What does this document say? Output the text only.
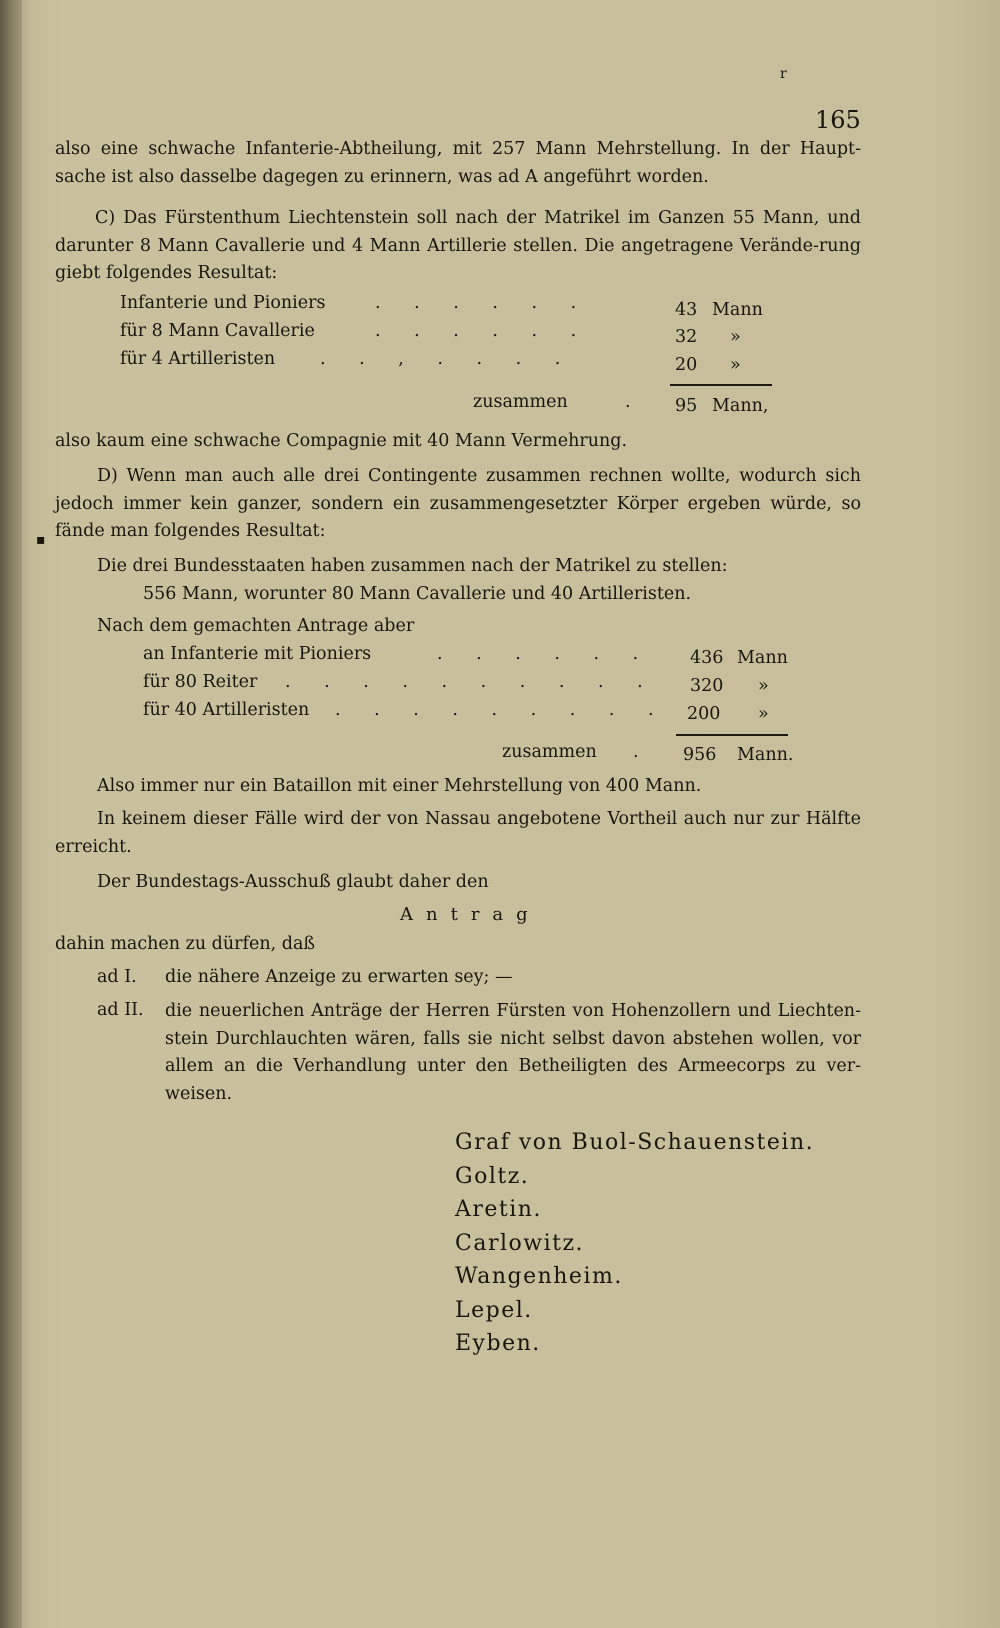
r
165
▪
also eine schwache Infanterie-Abtheilung, mit 257 Mann Mehrstellung. In der Haupt-sache ist also dasselbe dagegen zu erinnern, was ad A angeführt worden.
C) Das Fürstenthum Liechtenstein soll nach der Matrikel im Ganzen 55 Mann, und darunter 8 Mann Cavallerie und 4 Mann Artillerie stellen. Die angetragene Verände-rung giebt folgendes Resultat:
Infanterie und Pioniers	. . . . . .	43 Mann
für 8 Mann Cavallerie	. . . . . .	32 »
für 4 Artilleristen	. . , . . . .	20 »
zusammen	.	95 Mann,
also kaum eine schwache Compagnie mit 40 Mann Vermehrung.
D) Wenn man auch alle drei Contingente zusammen rechnen wollte, wodurch sich jedoch immer kein ganzer, sondern ein zusammengesetzter Körper ergeben würde, so fände man folgendes Resultat:
Die drei Bundesstaaten haben zusammen nach der Matrikel zu stellen:
556 Mann, worunter 80 Mann Cavallerie und 40 Artilleristen.
Nach dem gemachten Antrage aber
an Infanterie mit Pioniers	. . . . . . 436 Mann
für 80 Reiter . . . . . . . . . . 320 »
für 40 Artilleristen . . . . . . . . . 200 »
zusammen .	956 Mann.
Also immer nur ein Bataillon mit einer Mehrstellung von 400 Mann.
In keinem dieser Fälle wird der von Nassau angebotene Vortheil auch nur zur Hälfte erreicht.
Der Bundestags-Ausschuß glaubt daher den
Antrag
dahin machen zu dürfen, daß
ad I. die nähere Anzeige zu erwarten sey; —
ad II. die neuerlichen Anträge der Herren Fürsten von Hohenzollern und Liechten-stein Durchlauchten wären, falls sie nicht selbst davon abstehen wollen, vor allem an die Verhandlung unter den Betheiligten des Armeecorps zu ver-weisen.
Graf von Buol-Schauenstein.
Goltz.
Aretin.
Carlowitz.
Wangenheim.
Lepel.
Eyben.
